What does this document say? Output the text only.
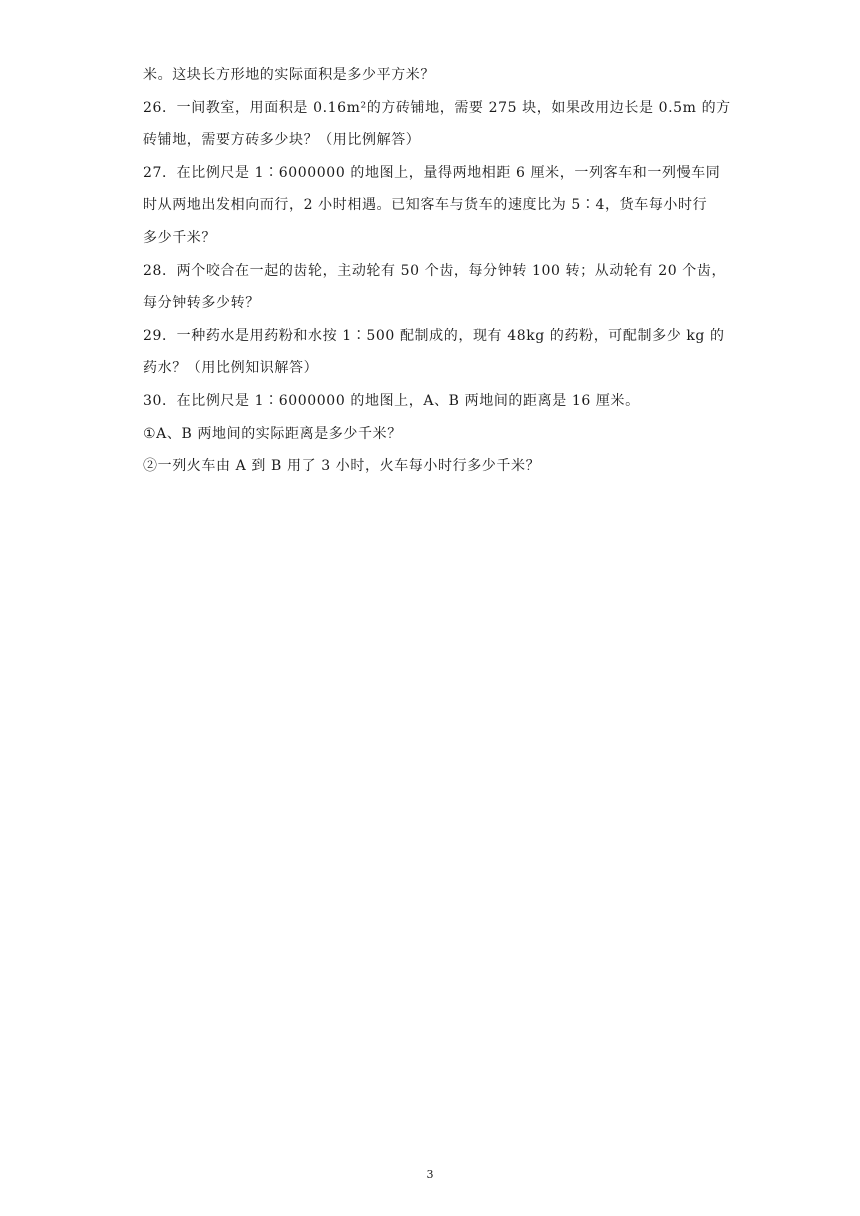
米。这块长方形地的实际面积是多少平方米？
26．一间教室，用面积是 0.16m²的方砖铺地，需要 275 块，如果改用边长是 0.5m 的方
砖铺地，需要方砖多少块？（用比例解答）
27．在比例尺是 1∶6000000 的地图上，量得两地相距 6 厘米，一列客车和一列慢车同
时从两地出发相向而行，2 小时相遇。已知客车与货车的速度比为 5∶4，货车每小时行
多少千米？
28．两个咬合在一起的齿轮，主动轮有 50 个齿，每分钟转 100 转；从动轮有 20 个齿，
每分钟转多少转？
29．一种药水是用药粉和水按 1∶500 配制成的，现有 48kg 的药粉，可配制多少 kg 的
药水？（用比例知识解答）
30．在比例尺是 1∶6000000 的地图上，A、B 两地间的距离是 16 厘米。
①A、B 两地间的实际距离是多少千米？
②一列火车由 A 到 B 用了 3 小时，火车每小时行多少千米？
3
